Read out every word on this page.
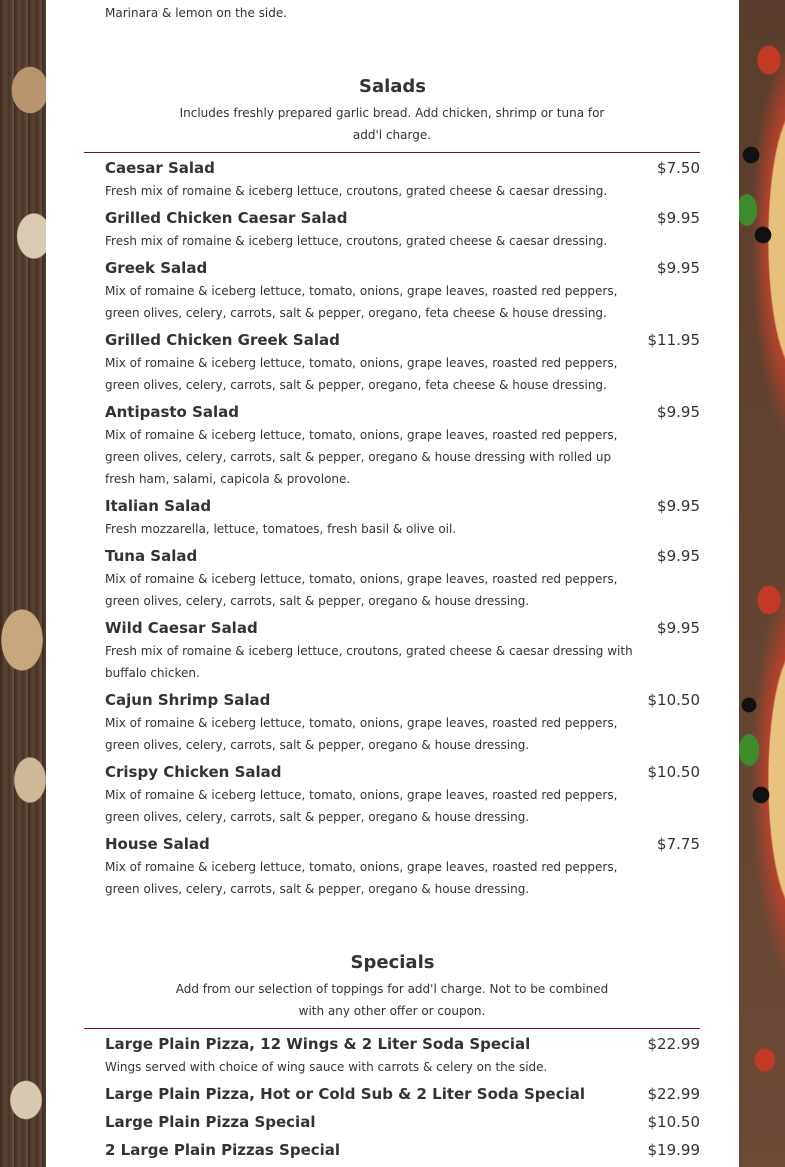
Marinara & lemon on the side.
Salads
Includes freshly prepared garlic bread. Add chicken, shrimp or tuna for add'l charge.
Caesar Salad	$7.50
Fresh mix of romaine & iceberg lettuce, croutons, grated cheese & caesar dressing.
Grilled Chicken Caesar Salad	$9.95
Fresh mix of romaine & iceberg lettuce, croutons, grated cheese & caesar dressing.
Greek Salad	$9.95
Mix of romaine & iceberg lettuce, tomato, onions, grape leaves, roasted red peppers, green olives, celery, carrots, salt & pepper, oregano, feta cheese & house dressing.
Grilled Chicken Greek Salad	$11.95
Mix of romaine & iceberg lettuce, tomato, onions, grape leaves, roasted red peppers, green olives, celery, carrots, salt & pepper, oregano, feta cheese & house dressing.
Antipasto Salad	$9.95
Mix of romaine & iceberg lettuce, tomato, onions, grape leaves, roasted red peppers, green olives, celery, carrots, salt & pepper, oregano & house dressing with rolled up fresh ham, salami, capicola & provolone.
Italian Salad	$9.95
Fresh mozzarella, lettuce, tomatoes, fresh basil & olive oil.
Tuna Salad	$9.95
Mix of romaine & iceberg lettuce, tomato, onions, grape leaves, roasted red peppers, green olives, celery, carrots, salt & pepper, oregano & house dressing.
Wild Caesar Salad	$9.95
Fresh mix of romaine & iceberg lettuce, croutons, grated cheese & caesar dressing with buffalo chicken.
Cajun Shrimp Salad	$10.50
Mix of romaine & iceberg lettuce, tomato, onions, grape leaves, roasted red peppers, green olives, celery, carrots, salt & pepper, oregano & house dressing.
Crispy Chicken Salad	$10.50
Mix of romaine & iceberg lettuce, tomato, onions, grape leaves, roasted red peppers, green olives, celery, carrots, salt & pepper, oregano & house dressing.
House Salad	$7.75
Mix of romaine & iceberg lettuce, tomato, onions, grape leaves, roasted red peppers, green olives, celery, carrots, salt & pepper, oregano & house dressing.
Specials
Add from our selection of toppings for add'l charge. Not to be combined with any other offer or coupon.
Large Plain Pizza, 12 Wings & 2 Liter Soda Special	$22.99
Wings served with choice of wing sauce with carrots & celery on the side.
Large Plain Pizza, Hot or Cold Sub & 2 Liter Soda Special	$22.99
Large Plain Pizza Special	$10.50
2 Large Plain Pizzas Special	$19.99
